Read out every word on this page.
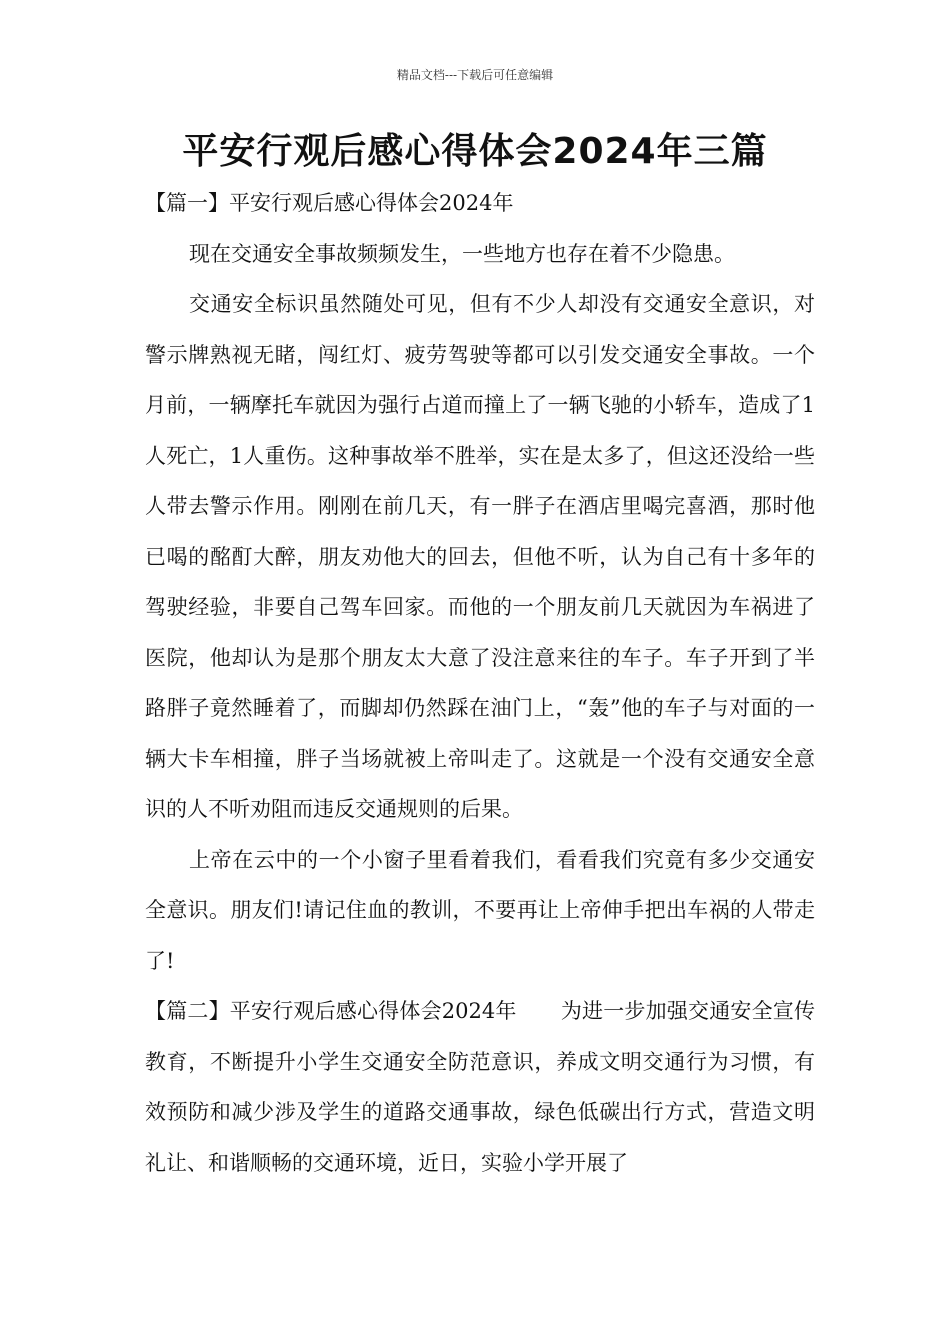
精品文档---下载后可任意编辑
平安行观后感心得体会2024年三篇

【篇一】平安行观后感心得体会2024年

现在交通安全事故频频发生，一些地方也存在着不少隐患。

交通安全标识虽然随处可见，但有不少人却没有交通安全意识，对警示牌熟视无睹，闯红灯、疲劳驾驶等都可以引发交通安全事故。一个月前，一辆摩托车就因为强行占道而撞上了一辆飞驰的小轿车，造成了1人死亡，1人重伤。这种事故举不胜举，实在是太多了，但这还没给一些人带去警示作用。刚刚在前几天，有一胖子在酒店里喝完喜酒，那时他已喝的酩酊大醉，朋友劝他大的回去，但他不听，认为自己有十多年的驾驶经验，非要自己驾车回家。而他的一个朋友前几天就因为车祸进了医院，他却认为是那个朋友太大意了没注意来往的车子。车子开到了半路胖子竟然睡着了，而脚却仍然踩在油门上，“轰”他的车子与对面的一辆大卡车相撞，胖子当场就被上帝叫走了。这就是一个没有交通安全意识的人不听劝阻而违反交通规则的后果。

上帝在云中的一个小窗子里看着我们，看看我们究竟有多少交通安全意识。朋友们!请记住血的教训，不要再让上帝伸手把出车祸的人带走了!

【篇二】平安行观后感心得体会2024年 为进一步加强交通安全宣传教育，不断提升小学生交通安全防范意识，养成文明交通行为习惯，有效预防和减少涉及学生的道路交通事故，绿色低碳出行方式，营造文明礼让、和谐顺畅的交通环境，近日，实验小学开展了
